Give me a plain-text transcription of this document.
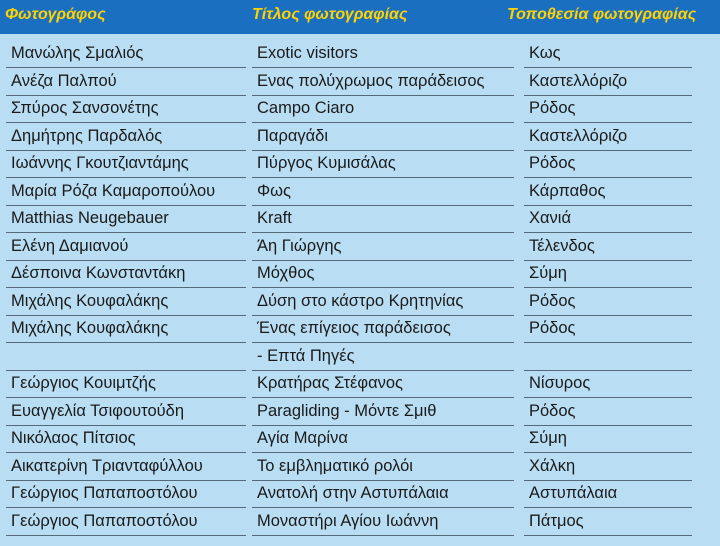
Φωτογράφος	Τίτλος φωτογραφίας	Τοποθεσία φωτογραφίας
Μανώλης Σμαλιός	Exotic visitors	Κως
Ανέζα Παλπού	Ενας πολύχρωμος παράδεισος	Καστελλόριζο
Σπύρος Σανσονέτης	Campo Ciaro	Ρόδος
Δημήτρης Παρδαλός	Παραγάδι	Καστελλόριζο
Ιωάννης Γκουτζιαντάμης	Πύργος Κυμισάλας	Ρόδος
Μαρία Ρόζα Καμαροπούλου	Φως	Κάρπαθος
Matthias Neugebauer	Kraft	Χανιά
Ελένη Δαμιανού	Άη Γιώργης	Τέλενδος
Δέσποινα Κωνσταντάκη	Μόχθος	Σύμη
Μιχάλης Κουφαλάκης	Δύση στο κάστρο Κρητηνίας	Ρόδος
Μιχάλης Κουφαλάκης	Ένας επίγειος παράδεισος	Ρόδος
- Επτά Πηγές
Γεώργιος Κουιμτζής	Κρατήρας Στέφανος	Νίσυρος
Ευαγγελία Τσιφουτούδη	Paragliding - Μόντε Σμιθ	Ρόδος
Νικόλαος Πίτσιος	Αγία Μαρίνα	Σύμη
Αικατερίνη Τριανταφύλλου	Το εμβληματικό ρολόι	Χάλκη
Γεώργιος Παπαποστόλου	Ανατολή στην Αστυπάλαια	Αστυπάλαια
Γεώργιος Παπαποστόλου	Μοναστήρι Αγίου Ιωάννη	Πάτμος
